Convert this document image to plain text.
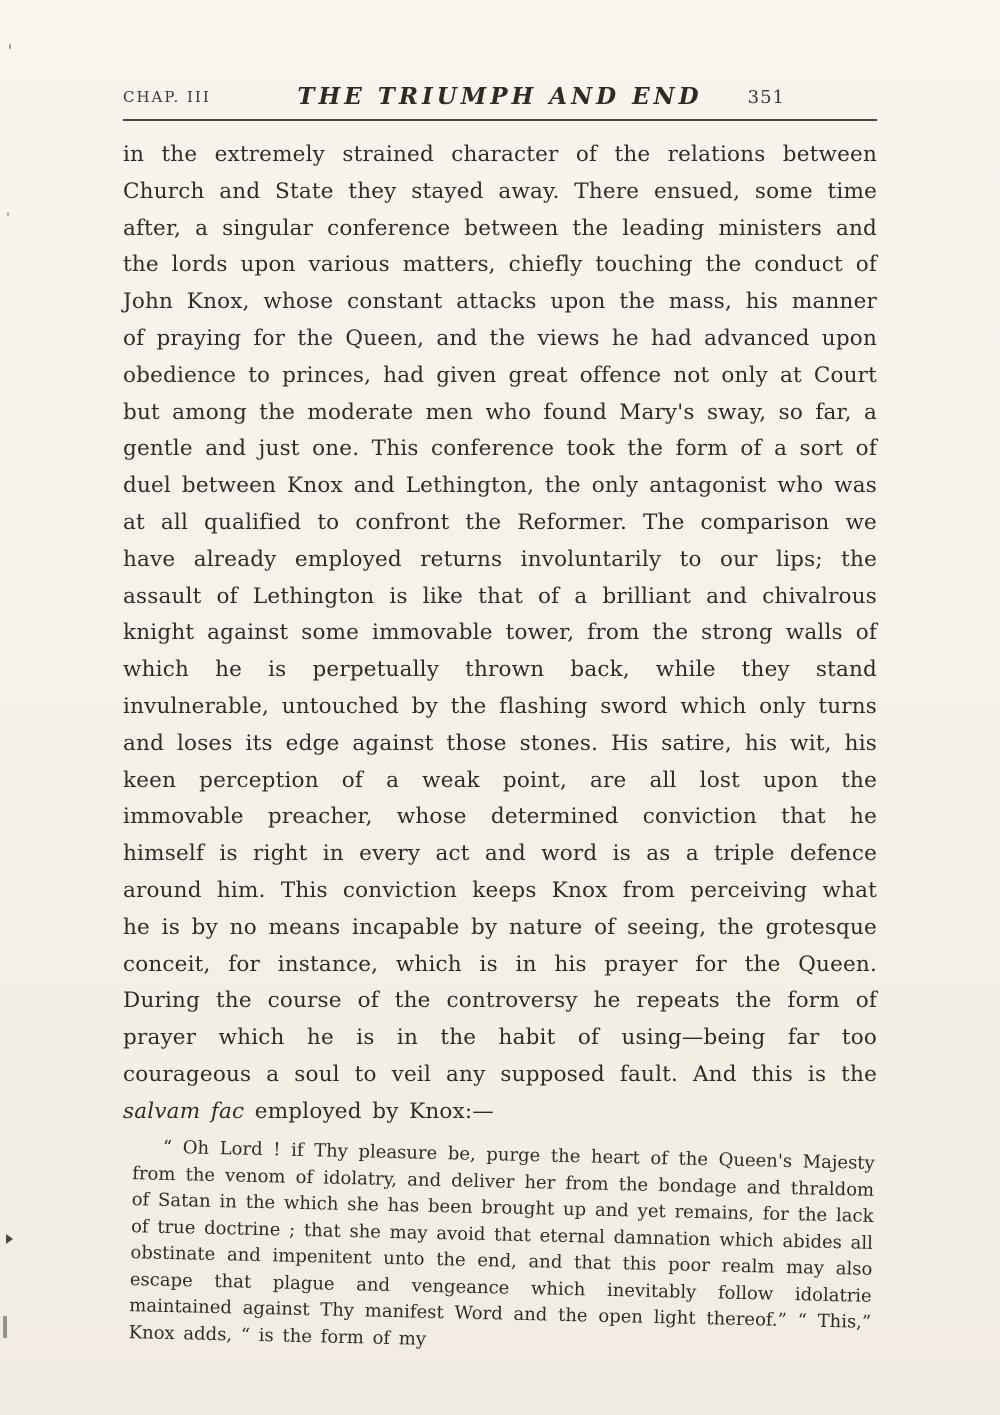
CHAP. III	THE TRIUMPH AND END	351

in the extremely strained character of the relations between Church and State they stayed away. There ensued, some time after, a singular conference between the leading ministers and the lords upon various matters, chiefly touching the conduct of John Knox, whose constant attacks upon the mass, his manner of praying for the Queen, and the views he had advanced upon obedience to princes, had given great offence not only at Court but among the moderate men who found Mary's sway, so far, a gentle and just one. This conference took the form of a sort of duel between Knox and Lethington, the only antagonist who was at all qualified to confront the Reformer. The comparison we have already employed returns involuntarily to our lips; the assault of Lethington is like that of a brilliant and chivalrous knight against some immovable tower, from the strong walls of which he is perpetually thrown back, while they stand invulnerable, untouched by the flashing sword which only turns and loses its edge against those stones. His satire, his wit, his keen perception of a weak point, are all lost upon the immovable preacher, whose determined conviction that he himself is right in every act and word is as a triple defence around him. This conviction keeps Knox from perceiving what he is by no means incapable by nature of seeing, the grotesque conceit, for instance, which is in his prayer for the Queen. During the course of the controversy he repeats the form of prayer which he is in the habit of using—being far too courageous a soul to veil any supposed fault. And this is the salvam fac employed by Knox:—

“ Oh Lord ! if Thy pleasure be, purge the heart of the Queen's Majesty from the venom of idolatry, and deliver her from the bondage and thraldom of Satan in the which she has been brought up and yet remains, for the lack of true doctrine ; that she may avoid that eternal damnation which abides all obstinate and impenitent unto the end, and that this poor realm may also escape that plague and vengeance which inevitably follow idolatrie maintained against Thy manifest Word and the open light thereof.” “ This,” Knox adds, “ is the form of my
